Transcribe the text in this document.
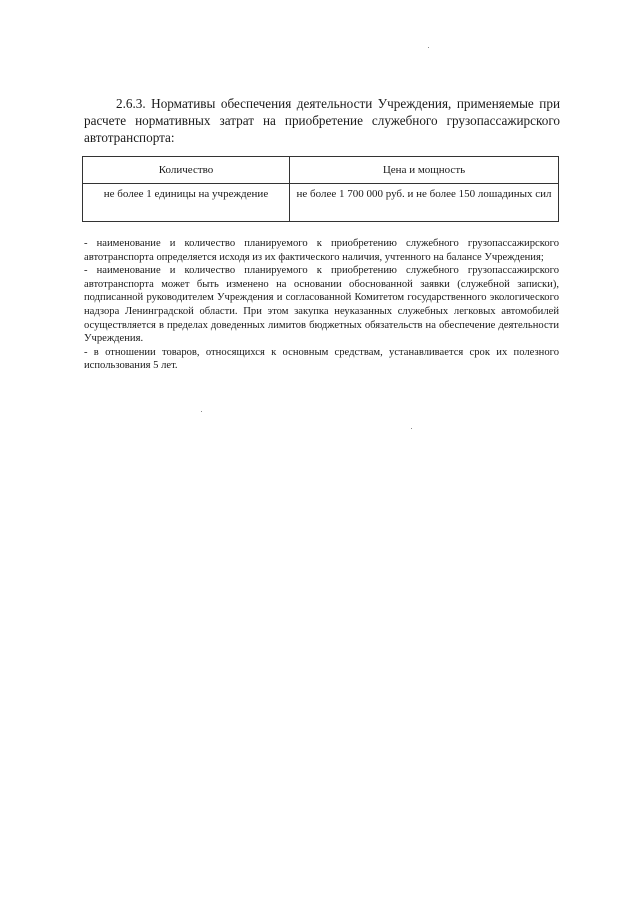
2.6.3. Нормативы обеспечения деятельности Учреждения, применяемые при расчете нормативных затрат на приобретение служебного грузопассажирского автотранспорта:

Количество	Цена и мощность
не более 1 единицы на учреждение	не более 1 700 000 руб. и не более 150 лошадиных сил

- наименование и количество планируемого к приобретению служебного грузопассажирского автотранспорта определяется исходя из их фактического наличия, учтенного на балансе Учреждения;

- наименование и количество планируемого к приобретению служебного грузопассажирского автотранспорта может быть изменено на основании обоснованной заявки (служебной записки), подписанной руководителем Учреждения и согласованной Комитетом государственного экологического надзора Ленинградской области. При этом закупка неуказанных служебных легковых автомобилей осуществляется в пределах доведенных лимитов бюджетных обязательств на обеспечение деятельности Учреждения.

- в отношении товаров, относящихся к основным средствам, устанавливается срок их полезного использования 5 лет.
